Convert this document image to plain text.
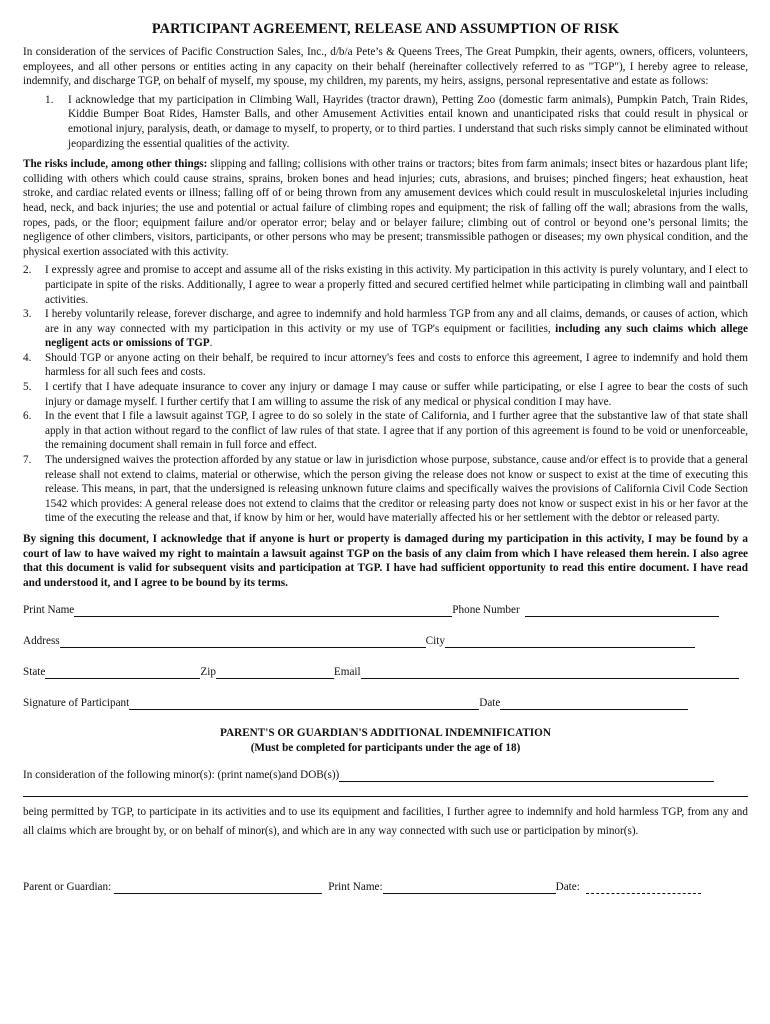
PARTICIPANT AGREEMENT, RELEASE AND ASSUMPTION OF RISK

In consideration of the services of Pacific Construction Sales, Inc., d/b/a Pete’s & Queens Trees, The Great Pumpkin, their agents, owners, officers, volunteers, employees, and all other persons or entities acting in any capacity on their behalf (hereinafter collectively referred to as "TGP"), I hereby agree to release, indemnify, and discharge TGP, on behalf of myself, my spouse, my children, my parents, my heirs, assigns, personal representative and estate as follows:

1.	I acknowledge that my participation in Climbing Wall, Hayrides (tractor drawn), Petting Zoo (domestic farm animals), Pumpkin Patch, Train Rides, Kiddie Bumper Boat Rides, Hamster Balls, and other Amusement Activities entail known and unanticipated risks that could result in physical or emotional injury, paralysis, death, or damage to myself, to property, or to third parties. I understand that such risks simply cannot be eliminated without jeopardizing the essential qualities of the activity.

The risks include, among other things: slipping and falling; collisions with other trains or tractors; bites from farm animals; insect bites or hazardous plant life; colliding with others which could cause strains, sprains, broken bones and head injuries; cuts, abrasions, and bruises; pinched fingers; heat exhaustion, heat stroke, and cardiac related events or illness; falling off of or being thrown from any amusement devices which could result in musculoskeletal injuries including head, neck, and back injuries; the use and potential or actual failure of climbing ropes and equipment; the risk of falling off the wall; abrasions from the walls, ropes, pads, or the floor; equipment failure and/or operator error; belay and or belayer failure; climbing out of control or beyond one’s personal limits; the negligence of other climbers, visitors, participants, or other persons who may be present; transmissible pathogen or diseases; my own physical condition, and the physical exertion associated with this activity.

2.	I expressly agree and promise to accept and assume all of the risks existing in this activity. My participation in this activity is purely voluntary, and I elect to participate in spite of the risks. Additionally, I agree to wear a properly fitted and secured certified helmet while participating in climbing wall and paintball activities.
3.	I hereby voluntarily release, forever discharge, and agree to indemnify and hold harmless TGP from any and all claims, demands, or causes of action, which are in any way connected with my participation in this activity or my use of TGP's equipment or facilities, including any such claims which allege negligent acts or omissions of TGP.
4.	Should TGP or anyone acting on their behalf, be required to incur attorney's fees and costs to enforce this agreement, I agree to indemnify and hold them harmless for all such fees and costs.
5.	I certify that I have adequate insurance to cover any injury or damage I may cause or suffer while participating, or else I agree to bear the costs of such injury or damage myself. I further certify that I am willing to assume the risk of any medical or physical condition I may have.
6.	In the event that I file a lawsuit against TGP, I agree to do so solely in the state of California, and I further agree that the substantive law of that state shall apply in that action without regard to the conflict of law rules of that state. I agree that if any portion of this agreement is found to be void or unenforceable, the remaining document shall remain in full force and effect.
7.	The undersigned waives the protection afforded by any statue or law in jurisdiction whose purpose, substance, cause and/or effect is to provide that a general release shall not extend to claims, material or otherwise, which the person giving the release does not know or suspect to exist at the time of executing this release. This means, in part, that the undersigned is releasing unknown future claims and specifically waives the provisions of California Civil Code Section 1542 which provides: A general release does not extend to claims that the creditor or releasing party does not know or suspect exist in his or her favor at the time of the executing the release and that, if know by him or her, would have materially affected his or her settlement with the debtor or released party.

By signing this document, I acknowledge that if anyone is hurt or property is damaged during my participation in this activity, I may be found by a court of law to have waived my right to maintain a lawsuit against TGP on the basis of any claim from which I have released them herein. I also agree that this document is valid for subsequent visits and participation at TGP. I have had sufficient opportunity to read this entire document. I have read and understood it, and I agree to be bound by its terms.

Print Name	Phone Number
Address	City
State	Zip	Email
Signature of Participant	Date
PARENT'S OR GUARDIAN'S ADDITIONAL INDEMNIFICATION
(Must be completed for participants under the age of 18)
In consideration of the following minor(s): (print name(s)and DOB(s))

being permitted by TGP, to participate in its activities and to use its equipment and facilities, I further agree to indemnify and hold harmless TGP, from any and all claims which are brought by, or on behalf of minor(s), and which are in any way connected with such use or participation by minor(s).

Parent or Guardian:	Print Name:	Date:
